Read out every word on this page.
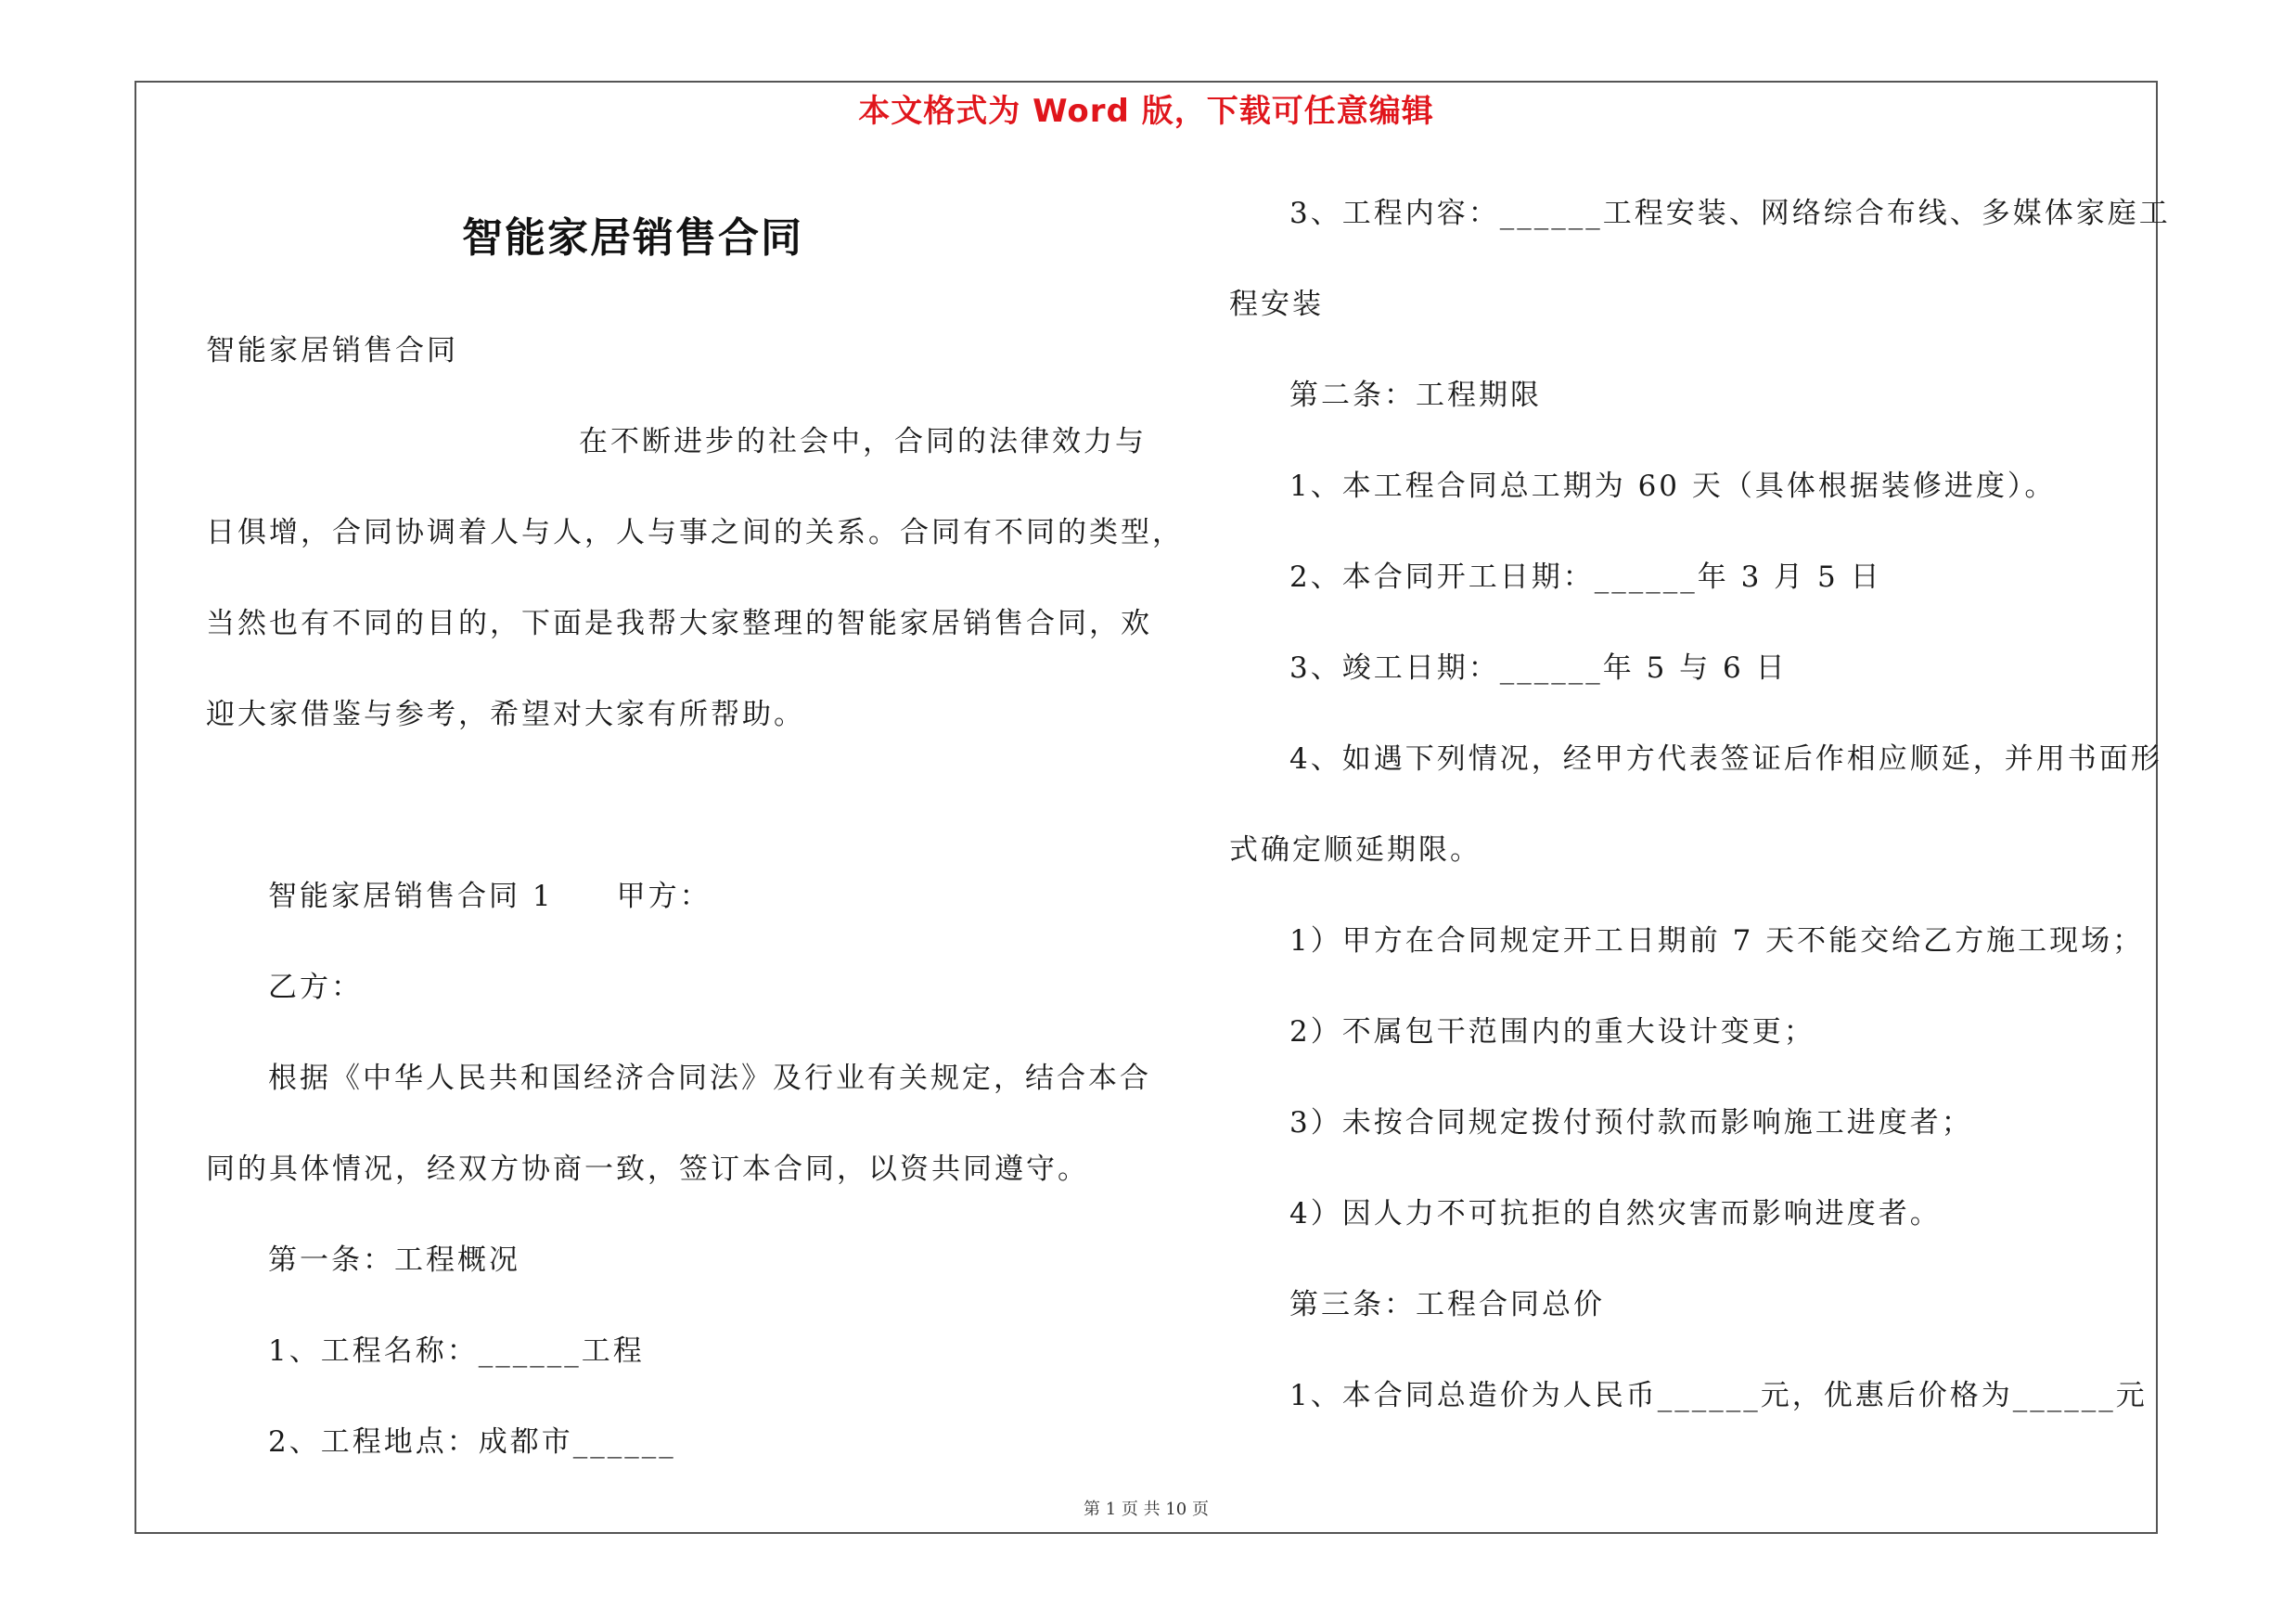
本文格式为 Word 版，下载可任意编辑
智能家居销售合同
智能家居销售合同
在不断进步的社会中，合同的法律效力与
日俱增，合同协调着人与人，人与事之间的关系。合同有不同的类型，
当然也有不同的目的，下面是我帮大家整理的智能家居销售合同，欢
迎大家借鉴与参考，希望对大家有所帮助。
智能家居销售合同 1　　甲方：
乙方：
根据《中华人民共和国经济合同法》及行业有关规定，结合本合
同的具体情况，经双方协商一致，签订本合同，以资共同遵守。
第一条：工程概况
1、工程名称：______工程
2、工程地点：成都市______
3、工程内容：______工程安装、网络综合布线、多媒体家庭工
程安装
第二条：工程期限
1、本工程合同总工期为 60 天（具体根据装修进度）。
2、本合同开工日期：______年 3 月 5 日
3、竣工日期：______年 5 与 6 日
4、如遇下列情况，经甲方代表签证后作相应顺延，并用书面形
式确定顺延期限。
1）甲方在合同规定开工日期前 7 天不能交给乙方施工现场；
2）不属包干范围内的重大设计变更；
3）未按合同规定拨付预付款而影响施工进度者；
4）因人力不可抗拒的自然灾害而影响进度者。
第三条：工程合同总价
1、本合同总造价为人民币______元，优惠后价格为______元
第 1 页 共 10 页
